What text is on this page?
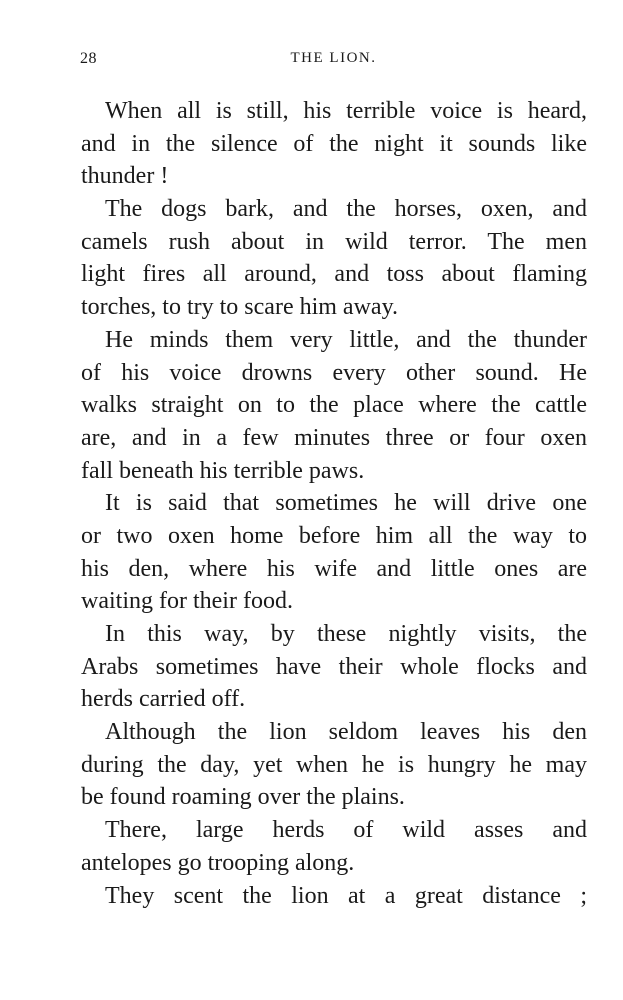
28	THE LION.
When all is still, his terrible voice is heard,
and in the silence of the night it sounds like
thunder !
The dogs bark, and the horses, oxen, and
camels rush about in wild terror. The men
light fires all around, and toss about flaming
torches, to try to scare him away.
He minds them very little, and the thunder
of his voice drowns every other sound. He
walks straight on to the place where the cattle
are, and in a few minutes three or four oxen
fall beneath his terrible paws.
It is said that sometimes he will drive one
or two oxen home before him all the way to
his den, where his wife and little ones are
waiting for their food.
In this way, by these nightly visits, the
Arabs sometimes have their whole flocks and
herds carried off.
Although the lion seldom leaves his den
during the day, yet when he is hungry he may
be found roaming over the plains.
There, large herds of wild asses and
antelopes go trooping along.
They scent the lion at a great distance ;
